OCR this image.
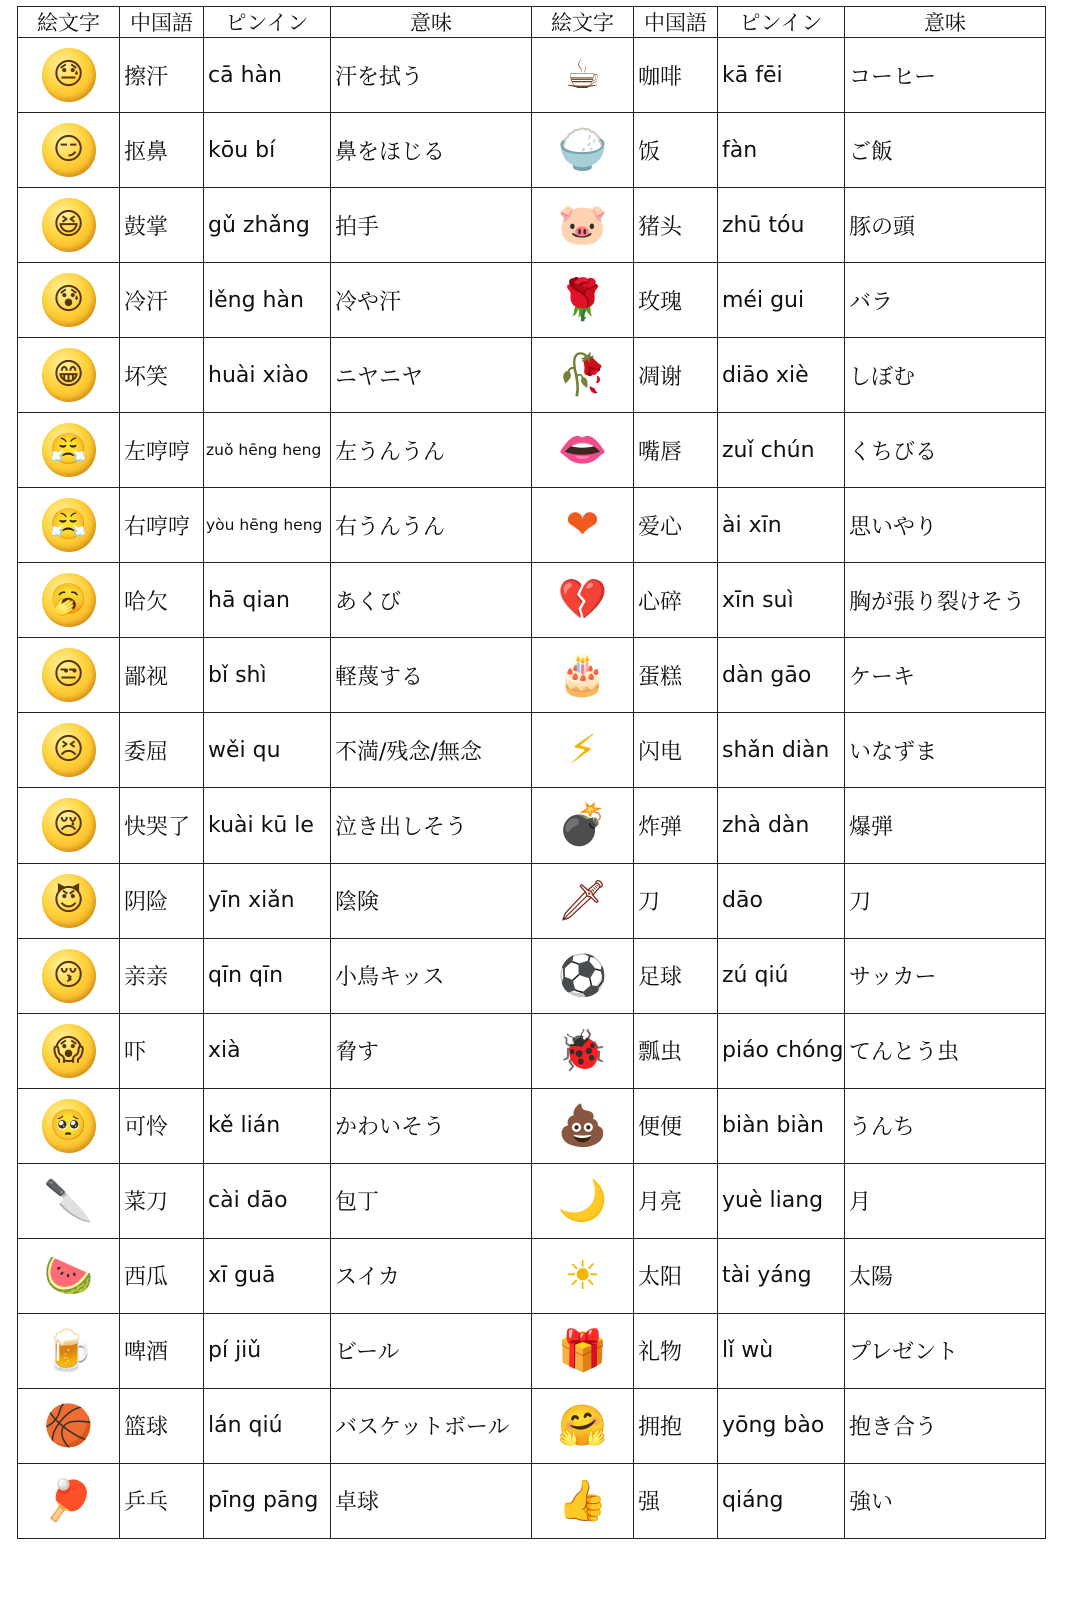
絵文字	中国語	ピンイン	意味	絵文字	中国語	ピンイン	意味
😓	擦汗	cā hàn	汗を拭う	☕	咖啡	kā fēi	コーヒー
😏	抠鼻	kōu bí	鼻をほじる	🍚	饭	fàn	ご飯
😆	鼓掌	gǔ zhǎng	拍手	🐷	猪头	zhū tóu	豚の頭
😰	冷汗	lěng hàn	冷や汗	🌹	玫瑰	méi gui	バラ
😁	坏笑	huài xiào	ニヤニヤ	🥀	凋谢	diāo xiè	しぼむ
😤	左哼哼	zuǒ hēng heng	左うんうん	👄	嘴唇	zuǐ chún	くちびる
😤	右哼哼	yòu hēng heng	右うんうん	❤	爱心	ài xīn	思いやり
🥱	哈欠	hā qian	あくび	💔	心碎	xīn suì	胸が張り裂けそう
😒	鄙视	bǐ shì	軽蔑する	🎂	蛋糕	dàn gāo	ケーキ
😣	委屈	wěi qu	不満/残念/無念	⚡	闪电	shǎn diàn	いなずま
😢	快哭了	kuài kū le	泣き出しそう	💣	炸弹	zhà dàn	爆弾
😈	阴险	yīn xiǎn	陰険	🗡	刀	dāo	刀
😚	亲亲	qīn qīn	小鳥キッス	⚽	足球	zú qiú	サッカー
😱	吓	xià	脅す	🐞	瓢虫	piáo chóng	てんとう虫
🥺	可怜	kě lián	かわいそう	💩	便便	biàn biàn	うんち
🔪	菜刀	cài dāo	包丁	🌙	月亮	yuè liang	月
🍉	西瓜	xī guā	スイカ	☀	太阳	tài yáng	太陽
🍺	啤酒	pí jiǔ	ビール	🎁	礼物	lǐ wù	プレゼント
🏀	篮球	lán qiú	バスケットボール	🤗	拥抱	yōng bào	抱き合う
🏓	乒乓	pīng pāng	卓球	👍	强	qiáng	強い
